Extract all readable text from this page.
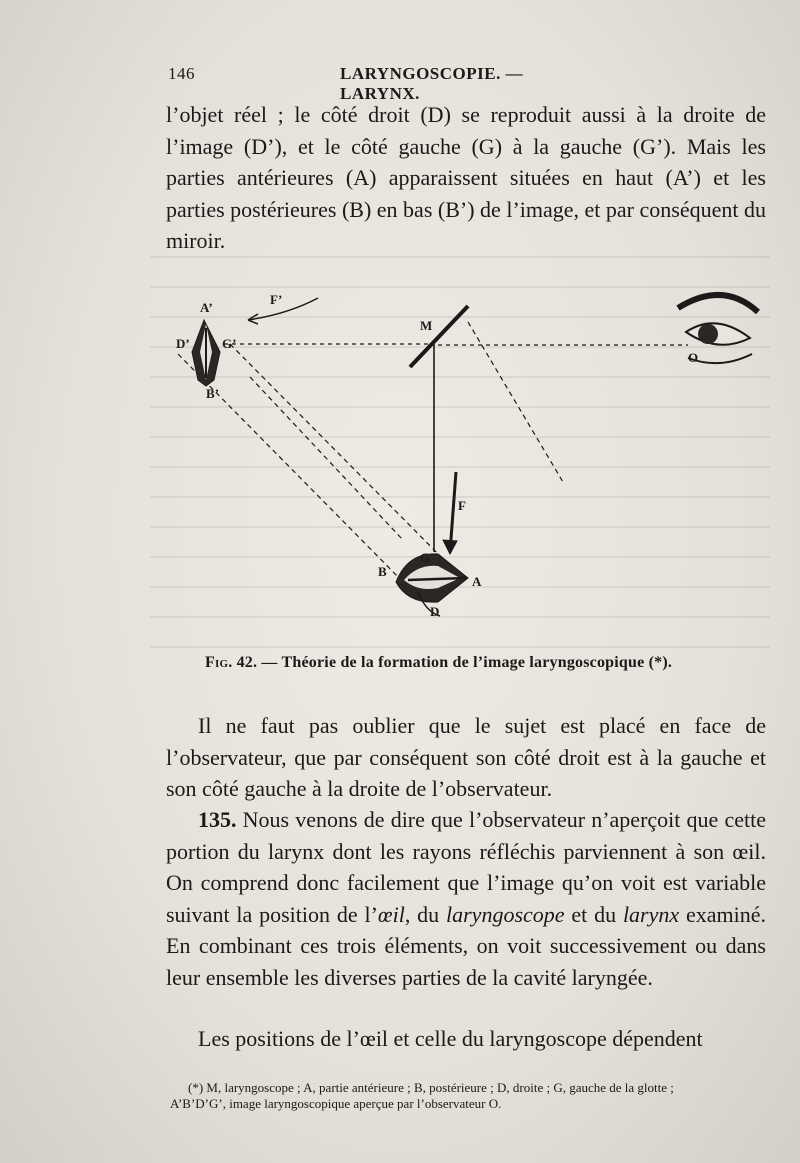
146	LARYNGOSCOPIE. — LARYNX.

l’objet réel ; le côté droit (D) se reproduit aussi à la droite de l’image (D’), et le côté gauche (G) à la gauche (G’). Mais les parties antérieures (A) apparaissent situées en haut (A’) et les parties postérieures (B) en bas (B’) de l’image, et par conséquent du miroir.

A’
D’ G’
B’
F’
M
O
F
G
B
A
D
Fig. 42. — Théorie de la formation de l’image laryngoscopique (*).

Il ne faut pas oublier que le sujet est placé en face de l’observateur, que par conséquent son côté droit est à la gauche et son côté gauche à la droite de l’observateur.

135. Nous venons de dire que l’observateur n’aperçoit que cette portion du larynx dont les rayons réfléchis parviennent à son œil. On comprend donc facilement que l’image qu’on voit est variable suivant la position de l’œil, du laryngoscope et du larynx examiné. En combinant ces trois éléments, on voit successivement ou dans leur ensemble les diverses parties de la cavité laryngée.

Les positions de l’œil et celle du laryngoscope dépendent

(*) M, laryngoscope ; A, partie antérieure ; B, postérieure ; D, droite ; G, gauche de la glotte ;

A’B’D’G’, image laryngoscopique aperçue par l’observateur O.
